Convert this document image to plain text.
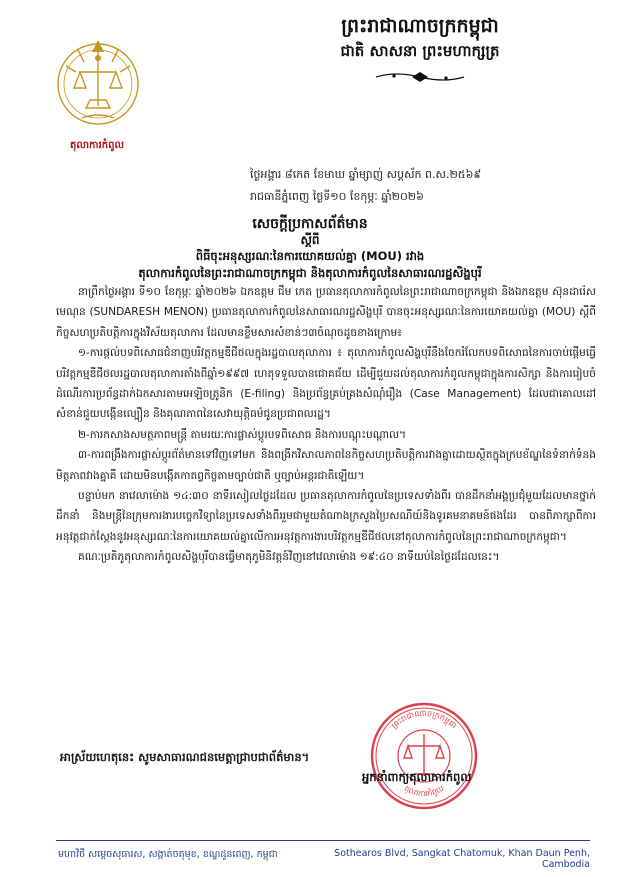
តុលាការកំពូល
ព្រះរាជាណាចក្រកម្ពុជា
ជាតិ សាសនា ព្រះមហាក្សត្រ
ថ្ងៃអង្គារ ៨កេត ខែមាឃ ឆ្នាំម្សាញ់ សប្តស័ក ព.ស.២៥៦៩
រាជធានីភ្នំពេញ ថ្ងៃទី១០ ខែកុម្ភៈ ឆ្នាំ២០២៦
សេចក្តីប្រកាសព័ត៌មាន
ស្តីពី
ពិធីចុះអនុស្សរណៈនៃការយោគយល់គ្នា (MOU) រវាង
តុលាការកំពូលនៃព្រះរាជាណាចក្រកម្ពុជា និងតុលាការកំពូលនៃសាធារណរដ្ឋសិង្ហបុរី

នាព្រឹកថ្ងៃអង្គារ ទី១០ ខែកុម្ភៈ ឆ្នាំ២០២៦ ឯកឧត្តម ជឹម កេត ប្រធានតុលាការកំពូលនៃព្រះរាជាណាចក្រកម្ពុជា និងឯកឧត្តម ស៊ុនដារ៉េស មេណុន (SUNDARESH MENON) ប្រធានតុលាការកំពូលនៃសាធារណរដ្ឋសិង្ហបុរី បានចុះអនុស្សរណៈនៃការយោគយល់គ្នា (MOU) ស្តីពីកិច្ចសហប្រតិបត្តិការក្នុងវិស័យតុលាការ ដែលមានខ្លឹមសារសំខាន់ៗ៣ចំណុចដូចខាងក្រោម៖

១-ការផ្តល់បទពិសោធជំនាញបរិវត្តកម្មឌីជីថលក្នុងរដ្ឋបាលតុលាការ ៖ តុលាការកំពូលសិង្ហបុរីនឹងចែករំលែកបទពិសោធនៃការចាប់ផ្តើមធ្វើបរិវត្តកម្មឌីជីថលរដ្ឋបាលតុលាការតាំងពីឆ្នាំ១៩៩៧ ហេតុទទួលបានជោគជ័យ ដើម្បីជួយដល់តុលាការកំពូលកម្ពុជាក្នុងការសិក្សា និងការរៀបចំដំណើរការប្រព័ន្ធដាក់ឯកសារតាមអេឡិចត្រូនិក (E-filing) និងប្រព័ន្ធគ្រប់គ្រងសំណុំរឿង (Case Management) ដែលជាគោលដៅសំខាន់ជួយបង្កើនល្បឿន និងគុណភាពនៃសេវាយុត្តិធម៌ជូនប្រជាពលរដ្ឋ។

២-ការកសាងសមត្ថភាពមន្ត្រី តាមរយៈការផ្លាស់ប្តូរបទពិសោធ និងការបណ្តុះបណ្តាល។

៣-ការពង្រឹងការផ្លាស់ប្តូរព័ត៌មានទៅវិញទៅមក និងពង្រីកវិសាលភាពនៃកិច្ចសហប្រតិបត្តិការវាងគ្នាដោយស្ថិតក្នុងក្របខ័ណ្ឌនៃទំនាក់ទំនងមិត្តភាពវាងគ្នាគឺ ដោយមិនបង្កើតកាតព្វកិច្ចតាមច្បាប់ជាតិ ឬច្បាប់អន្តរជាតិឡើយ។

បន្ទាប់មក នាវេលាម៉ោង ១៤:៣០ នាទីរសៀលថ្ងៃដដែល ប្រធានតុលាការកំពូលនៃប្រទេសទាំងពីរ បានដឹកនាំអង្គប្រជុំមួយដែលមានថ្នាក់ដឹកនាំ និងមន្ត្រីនៃក្រុមការងារបច្ចេកវិទ្យានៃប្រទេសទាំងពីររួមជាមួយតំណាងក្រសួងប្រៃសណីយ៍និងទូរគមនាគមន៍ផងដែរ បានពិភាក្សាពីការអនុវត្តជាក់ស្តែងនូវអនុស្សរណៈនៃការយោគយល់គ្នាលើការអនុវត្តការងារបរិវត្តកម្មឌីជីថលនៅតុលាការកំពូលនៃព្រះរាជាណាចក្រកម្ពុជា។

គណៈប្រតិភូតុលាការកំពូលសិង្ហបុរីបានធ្វើមាតុភូមិនិវត្តន៍វិញនៅវេលាម៉ោង ១៩:៤០ នាទីយប់នៃថ្ងៃដដែលនេះ។

អាស្រ័យហេតុនេះ សូមសាធារណជនមេត្តាជ្រាបជាព័ត៌មាន។
ព្រះរាជាណាចក្រកម្ពុជា
តុលាការកំពូល
អ្នកនាំពាក្យតុលាការកំពូល
មហាវិថី សម្តេចសុធារស, សង្កាត់ចតុមុខ, ខណ្ឌដូនពេញ, កម្ពុជា	Sothearos Blvd, Sangkat Chatomuk, Khan Daun Penh, Cambodia
